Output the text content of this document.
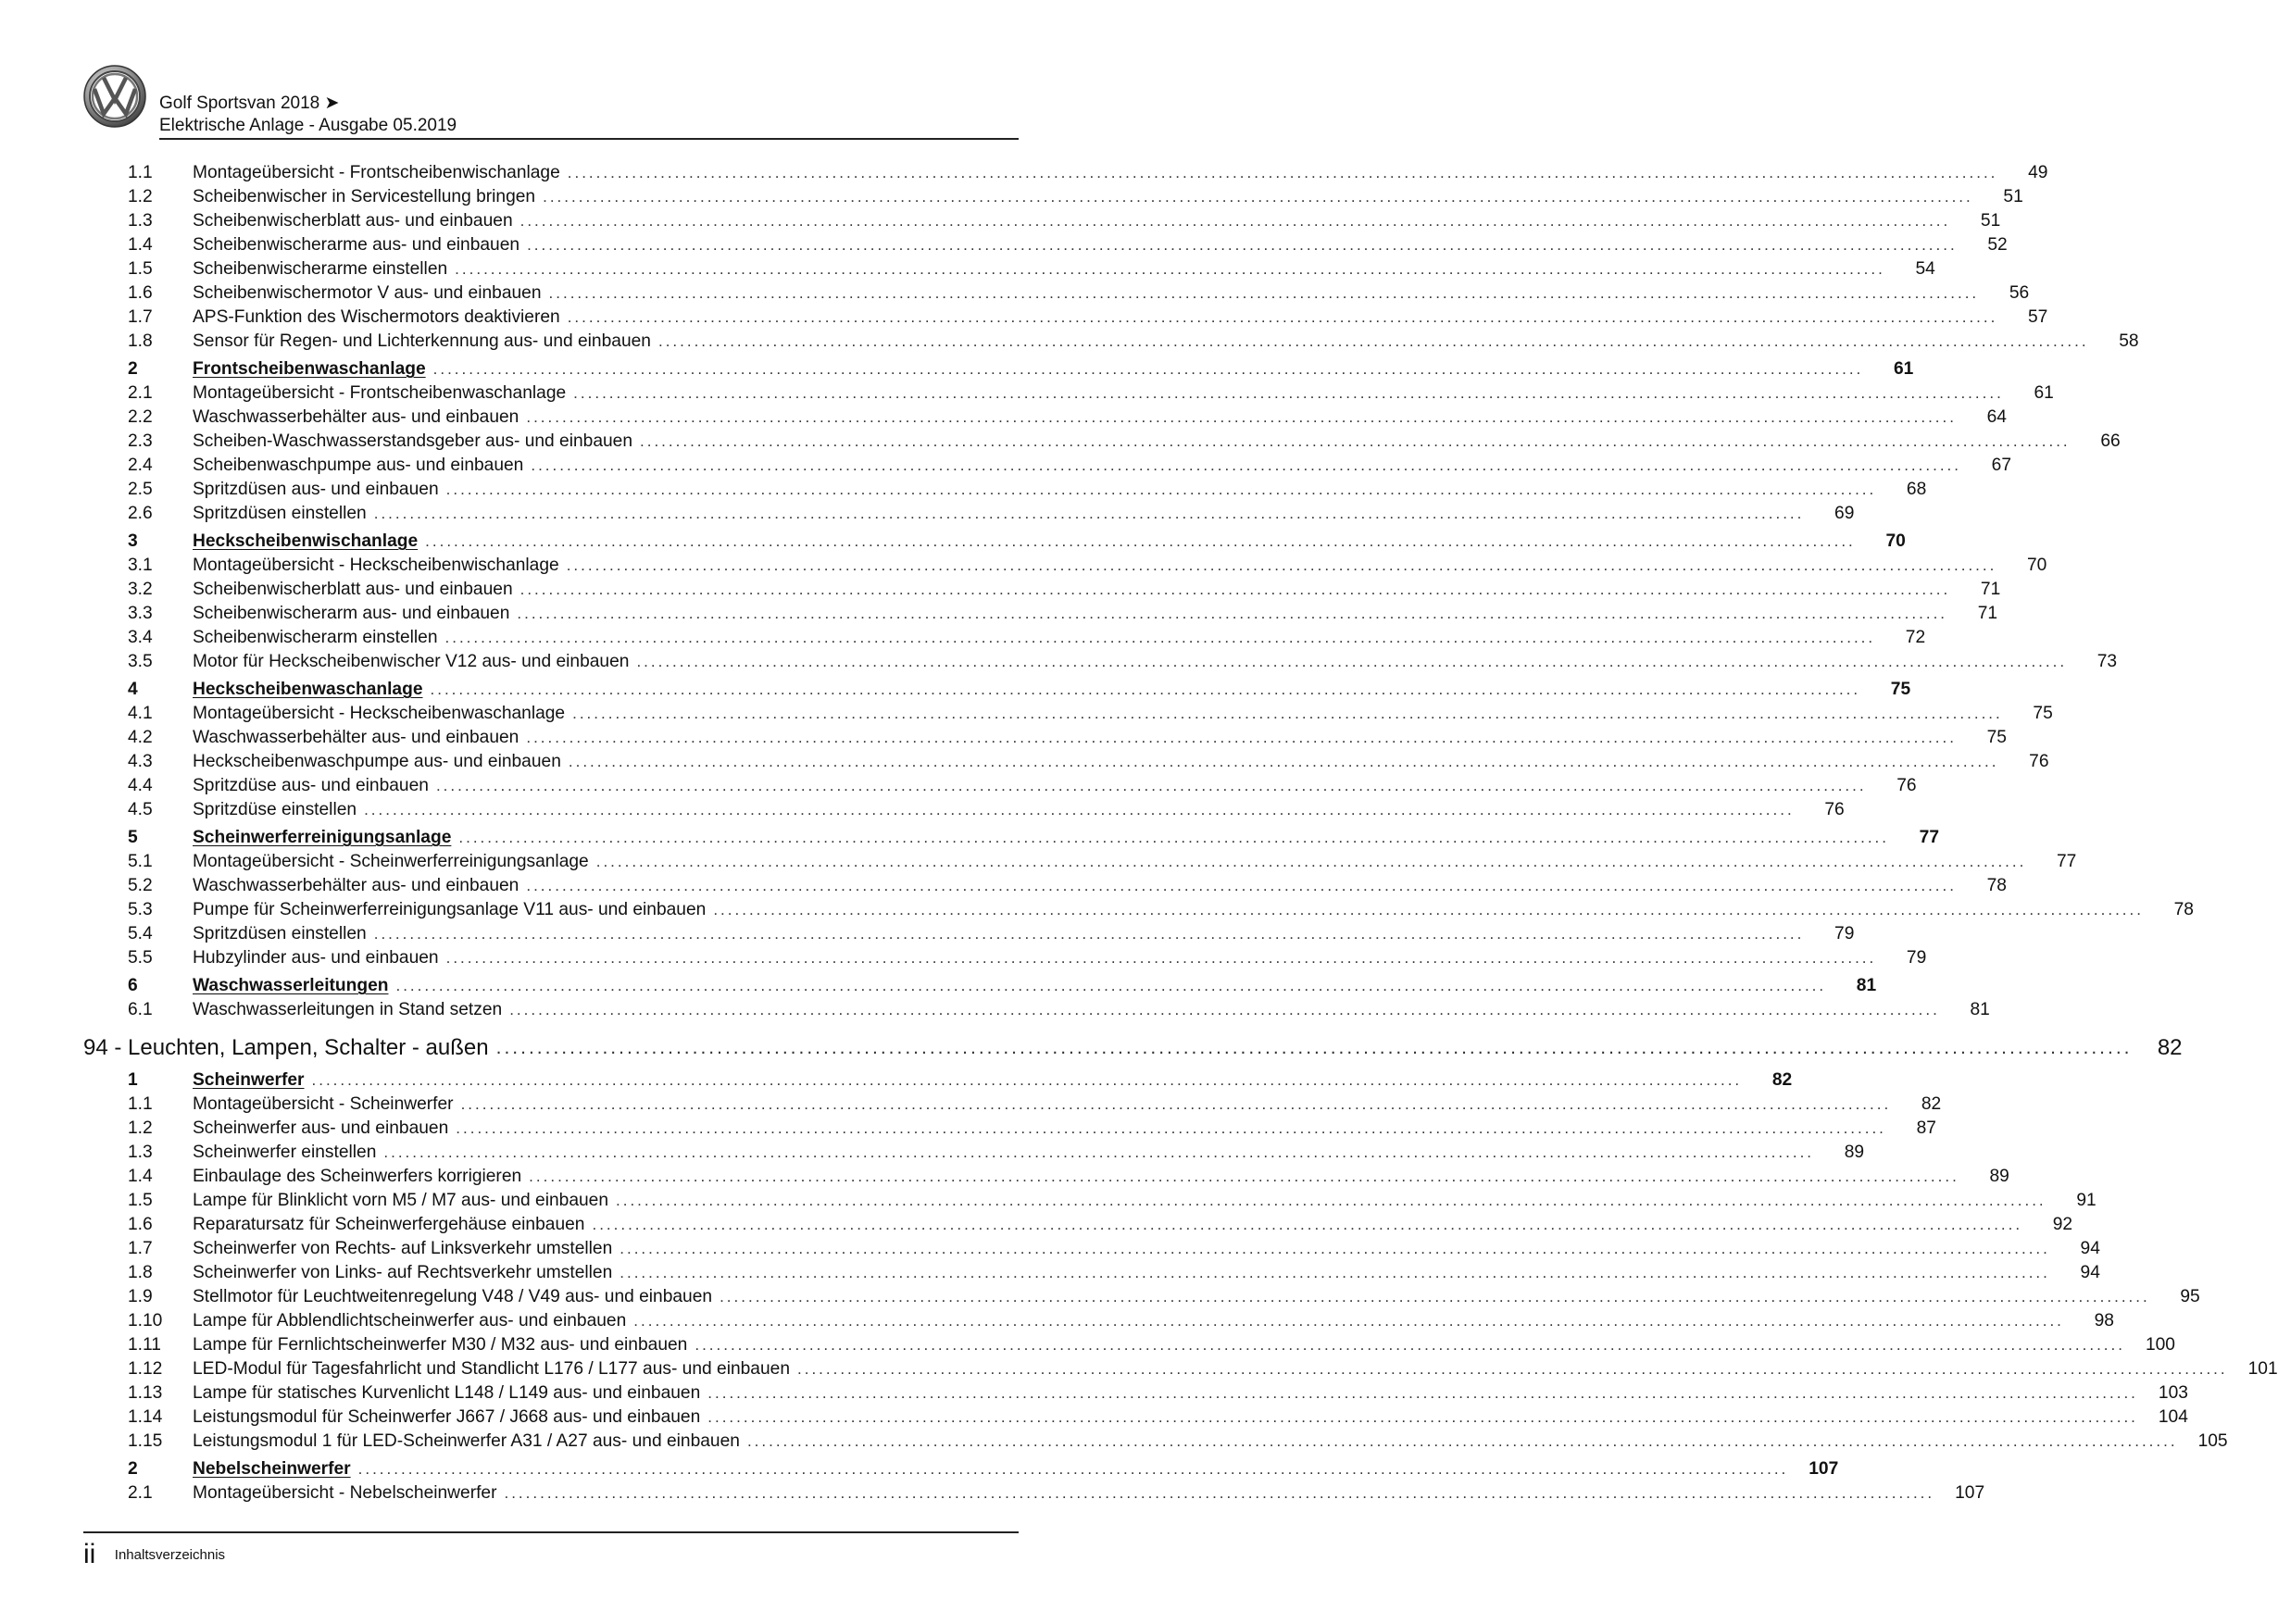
Golf Sportsvan 2018 ➤
Elektrische Anlage - Ausgabe 05.2019
1.1	Montageübersicht - Frontscheibenwischanlage ........................................................................................................................................................................................................	49
1.2	Scheibenwischer in Servicestellung bringen ........................................................................................................................................................................................................	51
1.3	Scheibenwischerblatt aus- und einbauen ........................................................................................................................................................................................................	51
1.4	Scheibenwischerarme aus- und einbauen ........................................................................................................................................................................................................	52
1.5	Scheibenwischerarme einstellen ........................................................................................................................................................................................................	54
1.6	Scheibenwischermotor V aus- und einbauen ........................................................................................................................................................................................................	56
1.7	APS-Funktion des Wischermotors deaktivieren ........................................................................................................................................................................................................	57
1.8	Sensor für Regen- und Lichterkennung aus- und einbauen ........................................................................................................................................................................................................	58
2	Frontscheibenwaschanlage ........................................................................................................................................................................................................	61
2.1	Montageübersicht - Frontscheibenwaschanlage ........................................................................................................................................................................................................	61
2.2	Waschwasserbehälter aus- und einbauen ........................................................................................................................................................................................................	64
2.3	Scheiben-Waschwasserstandsgeber aus- und einbauen ........................................................................................................................................................................................................	66
2.4	Scheibenwaschpumpe aus- und einbauen ........................................................................................................................................................................................................	67
2.5	Spritzdüsen aus- und einbauen ........................................................................................................................................................................................................	68
2.6	Spritzdüsen einstellen ........................................................................................................................................................................................................	69
3	Heckscheibenwischanlage ........................................................................................................................................................................................................	70
3.1	Montageübersicht - Heckscheibenwischanlage ........................................................................................................................................................................................................	70
3.2	Scheibenwischerblatt aus- und einbauen ........................................................................................................................................................................................................	71
3.3	Scheibenwischerarm aus- und einbauen ........................................................................................................................................................................................................	71
3.4	Scheibenwischerarm einstellen ........................................................................................................................................................................................................	72
3.5	Motor für Heckscheibenwischer V12 aus- und einbauen ........................................................................................................................................................................................................	73
4	Heckscheibenwaschanlage ........................................................................................................................................................................................................	75
4.1	Montageübersicht - Heckscheibenwaschanlage ........................................................................................................................................................................................................	75
4.2	Waschwasserbehälter aus- und einbauen ........................................................................................................................................................................................................	75
4.3	Heckscheibenwaschpumpe aus- und einbauen ........................................................................................................................................................................................................	76
4.4	Spritzdüse aus- und einbauen ........................................................................................................................................................................................................	76
4.5	Spritzdüse einstellen ........................................................................................................................................................................................................	76
5	Scheinwerferreinigungsanlage ........................................................................................................................................................................................................	77
5.1	Montageübersicht - Scheinwerferreinigungsanlage ........................................................................................................................................................................................................	77
5.2	Waschwasserbehälter aus- und einbauen ........................................................................................................................................................................................................	78
5.3	Pumpe für Scheinwerferreinigungsanlage V11 aus- und einbauen ........................................................................................................................................................................................................	78
5.4	Spritzdüsen einstellen ........................................................................................................................................................................................................	79
5.5	Hubzylinder aus- und einbauen ........................................................................................................................................................................................................	79
6	Waschwasserleitungen ........................................................................................................................................................................................................	81
6.1	Waschwasserleitungen in Stand setzen ........................................................................................................................................................................................................	81
94 - Leuchten, Lampen, Schalter - außen ........................................................................................................................................................................................................	82
1	Scheinwerfer ........................................................................................................................................................................................................	82
1.1	Montageübersicht - Scheinwerfer ........................................................................................................................................................................................................	82
1.2	Scheinwerfer aus- und einbauen ........................................................................................................................................................................................................	87
1.3	Scheinwerfer einstellen ........................................................................................................................................................................................................	89
1.4	Einbaulage des Scheinwerfers korrigieren ........................................................................................................................................................................................................	89
1.5	Lampe für Blinklicht vorn M5 / M7 aus- und einbauen ........................................................................................................................................................................................................	91
1.6	Reparatursatz für Scheinwerfergehäuse einbauen ........................................................................................................................................................................................................	92
1.7	Scheinwerfer von Rechts- auf Linksverkehr umstellen ........................................................................................................................................................................................................	94
1.8	Scheinwerfer von Links- auf Rechtsverkehr umstellen ........................................................................................................................................................................................................	94
1.9	Stellmotor für Leuchtweitenregelung V48 / V49 aus- und einbauen ........................................................................................................................................................................................................	95
1.10	Lampe für Abblendlichtscheinwerfer aus- und einbauen ........................................................................................................................................................................................................	98
1.11	Lampe für Fernlichtscheinwerfer M30 / M32 aus- und einbauen ........................................................................................................................................................................................................	100
1.12	LED-Modul für Tagesfahrlicht und Standlicht L176 / L177 aus- und einbauen ........................................................................................................................................................................................................	101
1.13	Lampe für statisches Kurvenlicht L148 / L149 aus- und einbauen ........................................................................................................................................................................................................	103
1.14	Leistungsmodul für Scheinwerfer J667 / J668 aus- und einbauen ........................................................................................................................................................................................................	104
1.15	Leistungsmodul 1 für LED-Scheinwerfer A31 / A27 aus- und einbauen ........................................................................................................................................................................................................	105
2	Nebelscheinwerfer ........................................................................................................................................................................................................	107
2.1	Montageübersicht - Nebelscheinwerfer ........................................................................................................................................................................................................	107
ii Inhaltsverzeichnis
